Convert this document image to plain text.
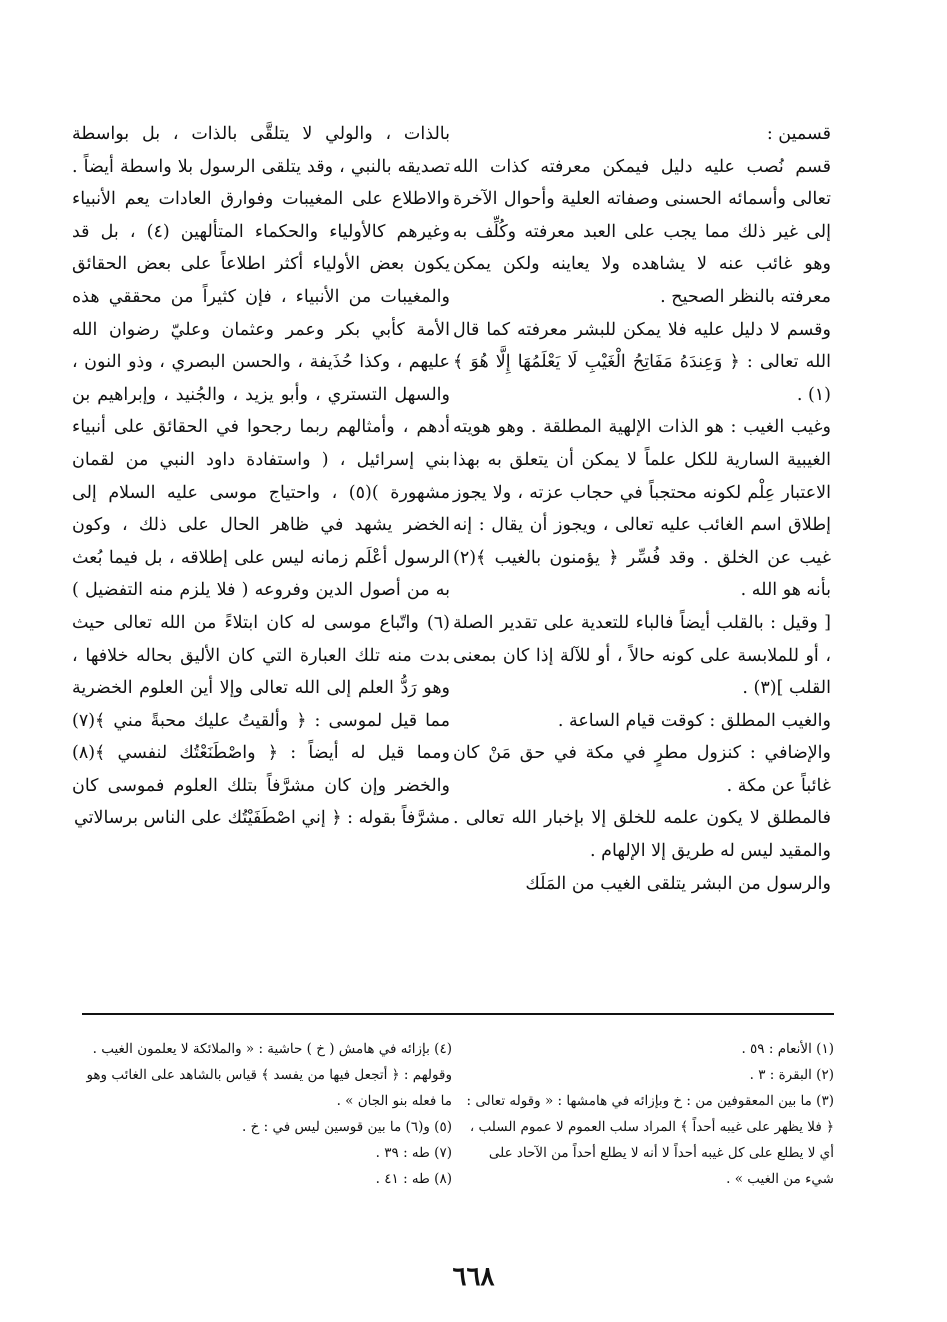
قسمين :

قسم نُصب عليه دليل فيمكن معرفته كذات الله تعالى وأسمائه الحسنى وصفاته العلية وأحوال الآخرة إلى غير ذلك مما يجب على العبد معرفته وكُلِّف به وهو غائب عنه لا يشاهده ولا يعاينه ولكن يمكن معرفته بالنظر الصحيح .

وقسم لا دليل عليه فلا يمكن للبشر معرفته كما قال الله تعالى : ﴿ وَعِندَهُ مَفَاتِحُ الْغَيْبِ لَا يَعْلَمُهَا إِلَّا هُوَ ﴾(١) .

وغيب الغيب : هو الذات الإلهية المطلقة . وهو هويته الغيبية السارية للكل علماً لا يمكن أن يتعلق به بهذا الاعتبار عِلْم لكونه محتجباً في حجاب عزته ، ولا يجوز إطلاق اسم الغائب عليه تعالى ، ويجوز أن يقال : إنه غيب عن الخلق . وقد فُسِّر ﴿ يؤمنون بالغيب ﴾(٢) بأنه هو الله .

[ وقيل : بالقلب أيضاً فالباء للتعدية على تقدير الصلة ، أو للملابسة على كونه حالاً ، أو للآلة إذا كان بمعنى القلب ](٣) .

والغيب المطلق : كوقت قيام الساعة .

والإضافي : كنزول مطرٍ في مكة في حق مَنْ كان غائباً عن مكة .

فالمطلق لا يكون علمه للخلق إلا بإخبار الله تعالى . والمقيد ليس له طريق إلا الإلهام .

والرسول من البشر يتلقى الغيب من المَلَك

بالذات ، والولي لا يتلقَّى بالذات ، بل بواسطة تصديقه بالنبي ، وقد يتلقى الرسول بلا واسطة أيضاً . والاطلاع على المغيبات وفوارق العادات يعم الأنبياء وغيرهم كالأولياء والحكماء المتألهين (٤) ، بل قد يكون بعض الأولياء أكثر اطلاعاً على بعض الحقائق والمغيبات من الأنبياء ، فإن كثيراً من محققي هذه الأمة كأبي بكر وعمر وعثمان وعليّ رضوان الله عليهم ، وكذا حُذَيفة ، والحسن البصري ، وذو النون ، والسهل التستري ، وأبو يزيد ، والجُنيد ، وإبراهيم بن أدهم ، وأمثالهم ربما رجحوا في الحقائق على أنبياء بني إسرائيل ، ( واستفادة داود النبي من لقمان مشهورة )(٥) ، واحتياج موسى عليه السلام إلى الخضر يشهد في ظاهر الحال على ذلك ، وكون الرسول أعْلَم زمانه ليس على إطلاقه ، بل فيما بُعث به من أصول الدين وفروعه ( فلا يلزم منه التفضيل )(٦) واتّباع موسى له كان ابتلاءً من الله تعالى حيث بدت منه تلك العبارة التي كان الأليق بحاله خلافها ، وهو رَدُّ العلم إلى الله تعالى وإلا أين العلوم الخضرية مما قيل لموسى : ﴿ وألقيتُ عليك محبةً مني ﴾(٧) ومما قيل له أيضاً : ﴿ واصْطَنَعْتُك لنفسي ﴾(٨) والخضر وإن كان مشرَّفاً بتلك العلوم فموسى كان مشرَّفاً بقوله : ﴿ إني اصْطَفَيْتُك على الناس برسالاتي

(١) الأنعام : ٥٩ .

(٢) البقرة : ٣ .

(٣) ما بين المعقوفين من : خ وبإزائه في هامشها : « وقوله تعالى : ﴿ فلا يظهر على غيبه أحداً ﴾ المراد سلب العموم لا عموم السلب ، أي لا يطلع على كل غيبه أحداً لا أنه لا يطلع أحداً من الآحاد على شيء من الغيب » .

(٤) بإزائه في هامش ( خ ) حاشية : « والملائكة لا يعلمون الغيب . وقولهم : ﴿ أتجعل فيها من يفسد ﴾ قياس بالشاهد على الغائب وهو ما فعله بنو الجان » .

(٥) و(٦) ما بين قوسين ليس في : خ .

(٧) طه : ٣٩ .

(٨) طه : ٤١ .

٦٦٨
